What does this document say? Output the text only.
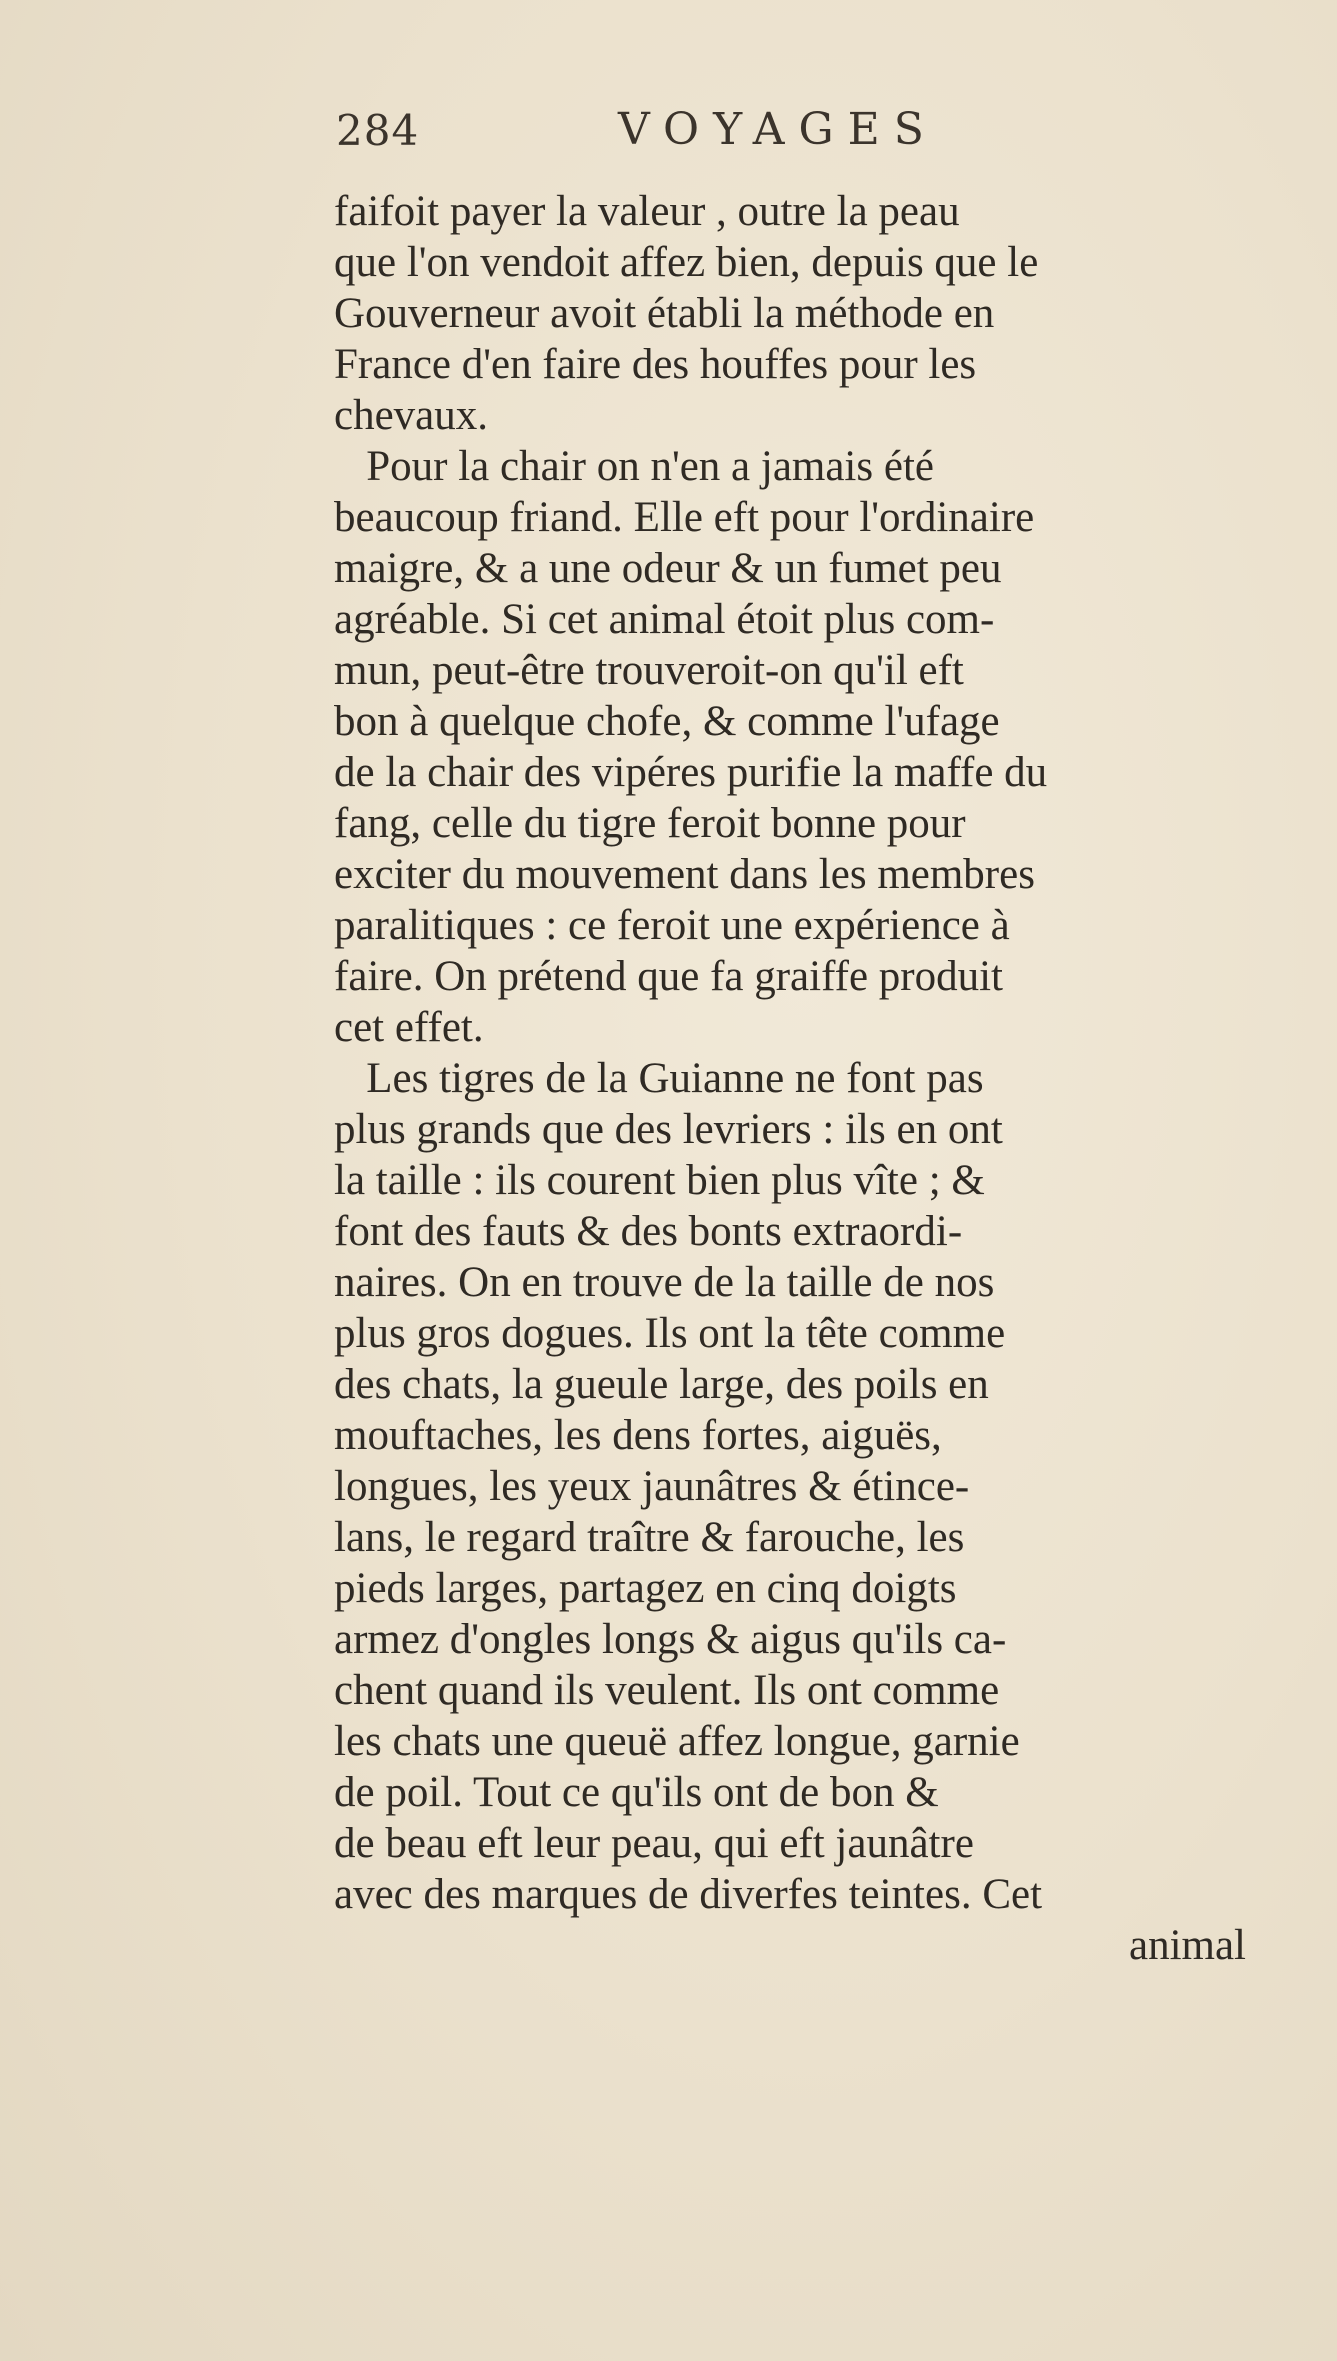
284	VOYAGES
faifoit payer la valeur , outre la peau
que l'on vendoit affez bien, depuis que le
Gouverneur avoit établi la méthode en
France d'en faire des houffes pour les
chevaux.
Pour la chair on n'en a jamais été
beaucoup friand. Elle eft pour l'ordinaire
maigre, & a une odeur & un fumet peu
agréable. Si cet animal étoit plus com-
mun, peut-être trouveroit-on qu'il eft
bon à quelque chofe, & comme l'ufage
de la chair des vipéres purifie la maffe du
fang, celle du tigre feroit bonne pour
exciter du mouvement dans les membres
paralitiques : ce feroit une expérience à
faire. On prétend que fa graiffe produit
cet effet.
Les tigres de la Guianne ne font pas
plus grands que des levriers : ils en ont
la taille : ils courent bien plus vîte ; &
font des fauts & des bonts extraordi-
naires. On en trouve de la taille de nos
plus gros dogues. Ils ont la tête comme
des chats, la gueule large, des poils en
mouftaches, les dens fortes, aiguës,
longues, les yeux jaunâtres & étince-
lans, le regard traître & farouche, les
pieds larges, partagez en cinq doigts
armez d'ongles longs & aigus qu'ils ca-
chent quand ils veulent. Ils ont comme
les chats une queuë affez longue, garnie
de poil. Tout ce qu'ils ont de bon &
de beau eft leur peau, qui eft jaunâtre
avec des marques de diverfes teintes. Cet
animal
